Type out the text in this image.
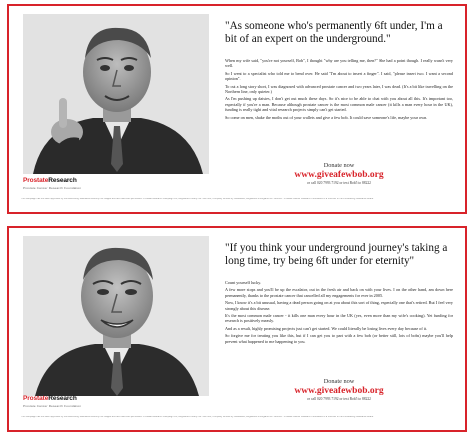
ProstateResearch
Prostate Cancer Research Foundation
"As someone who's permanently 6ft under, I'm a bit of an expert on the underground."

When my wife said, "you're not yourself, Bob", I thought "why are you telling me, then?" She had a point though. I really wasn't very well.

So I went to a specialist who told me to bend over. He said "I'm about to insert a finger". I said, "please insert two. I want a second opinion".

To cut a long story short, I was diagnosed with advanced prostate cancer and two years later, I was dead. (It's a bit like travelling on the Northern line, only quieter.)

As I'm pushing up daisies, I don't get out much these days. So it's nice to be able to chat with you about all this. It's important too, especially if you're a man. Because although prostate cancer is the most common male cancer (it kills a man every hour in the UK), funding is really tight and vital research projects simply can't get started.

So come on men, shake the moths out of your wallets and give a few bob. It could save someone's life, maybe your own.

Donate now
www.giveafewbob.org
or call 020 7993 7192 or text Bob5 to 88222
This campaign has not been approved by the Advertising Standards Authority. All images and text used with permission. Prostate Research Campaign UK, Registered Charity No. 1107084, Company Limited by Guarantee, Registered in England No. 5240367. Prostate Cancer Research Foundation is a member of the Fundraising Standards Board.
ProstateResearch
Prostate Cancer Research Foundation
"If you think your underground journey's taking a long time, try being 6ft under for eternity"

Count yourself lucky.

A few more stops and you'll be up the escalator, out in the fresh air and back on with your lives. I on the other hand, am down here permanently, thanks to the prostate cancer that cancelled all my engagements for ever in 2005.

Now, I know it's a bit unusual, having a dead person going on at you about this sort of thing, especially one that's retired. But I feel very strongly about this disease.

It's the most common male cancer - it kills one man every hour in the UK (yes, even more than my wife's cooking). Yet funding for research is positively measly.

And as a result, highly promising projects just can't get started. We could literally be losing lives every day because of it.

So forgive me for treating you like this, but if I can get you to part with a few bob (or better still, lots of bobs) maybe you'll help prevent what happened to me happening to you.

Donate now
www.giveafewbob.org
or call 020 7993 7192 or text Bob5 to 88222
This campaign has not been approved by the Advertising Standards Authority. All images and text used with permission. Prostate Research Campaign UK, Registered Charity No. 1107084, Company Limited by Guarantee, Registered in England No. 5240367. Prostate Cancer Research Foundation is a member of the Fundraising Standards Board.
